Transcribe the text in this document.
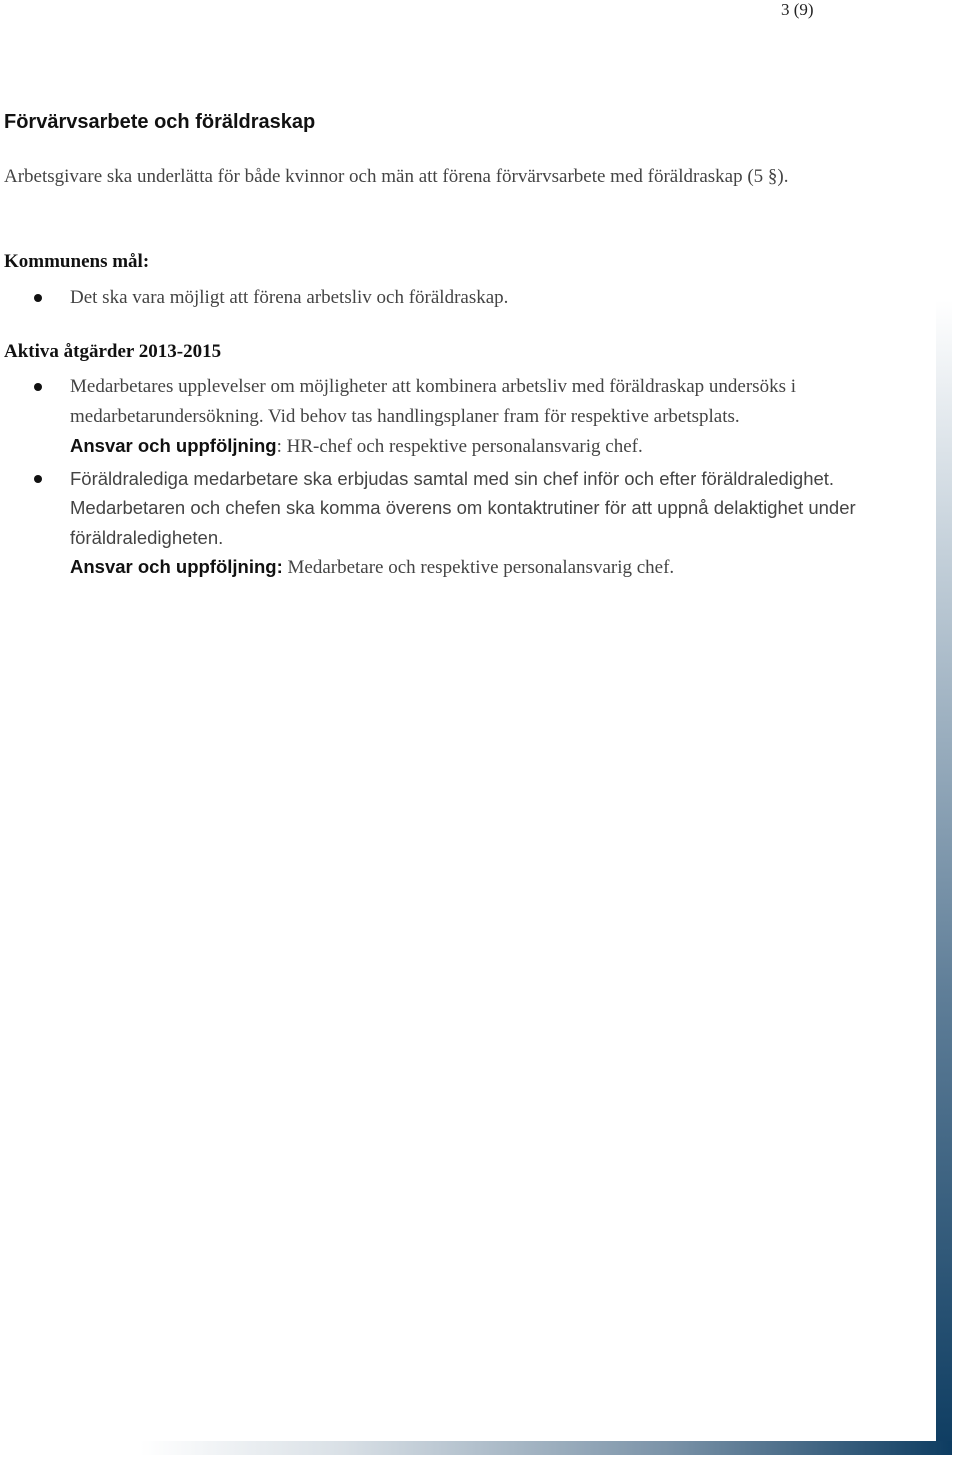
3 (9)
Förvärvsarbete och föräldraskap
Arbetsgivare ska underlätta för både kvinnor och män att förena förvärvsarbete med föräldraskap (5 §).
Kommunens mål:
Det ska vara möjligt att förena arbetsliv och föräldraskap.
Aktiva åtgärder 2013-2015
Medarbetares upplevelser om möjligheter att kombinera arbetsliv med föräldraskap undersöks i medarbetarundersökning. Vid behov tas handlingsplaner fram för respektive arbetsplats.
Ansvar och uppföljning: HR-chef och respektive personalansvarig chef.
Föräldralediga medarbetare ska erbjudas samtal med sin chef inför och efter föräldraledighet. Medarbetaren och chefen ska komma överens om kontaktrutiner för att uppnå delaktighet under föräldraledigheten.
Ansvar och uppföljning: Medarbetare och respektive personalansvarig chef.
